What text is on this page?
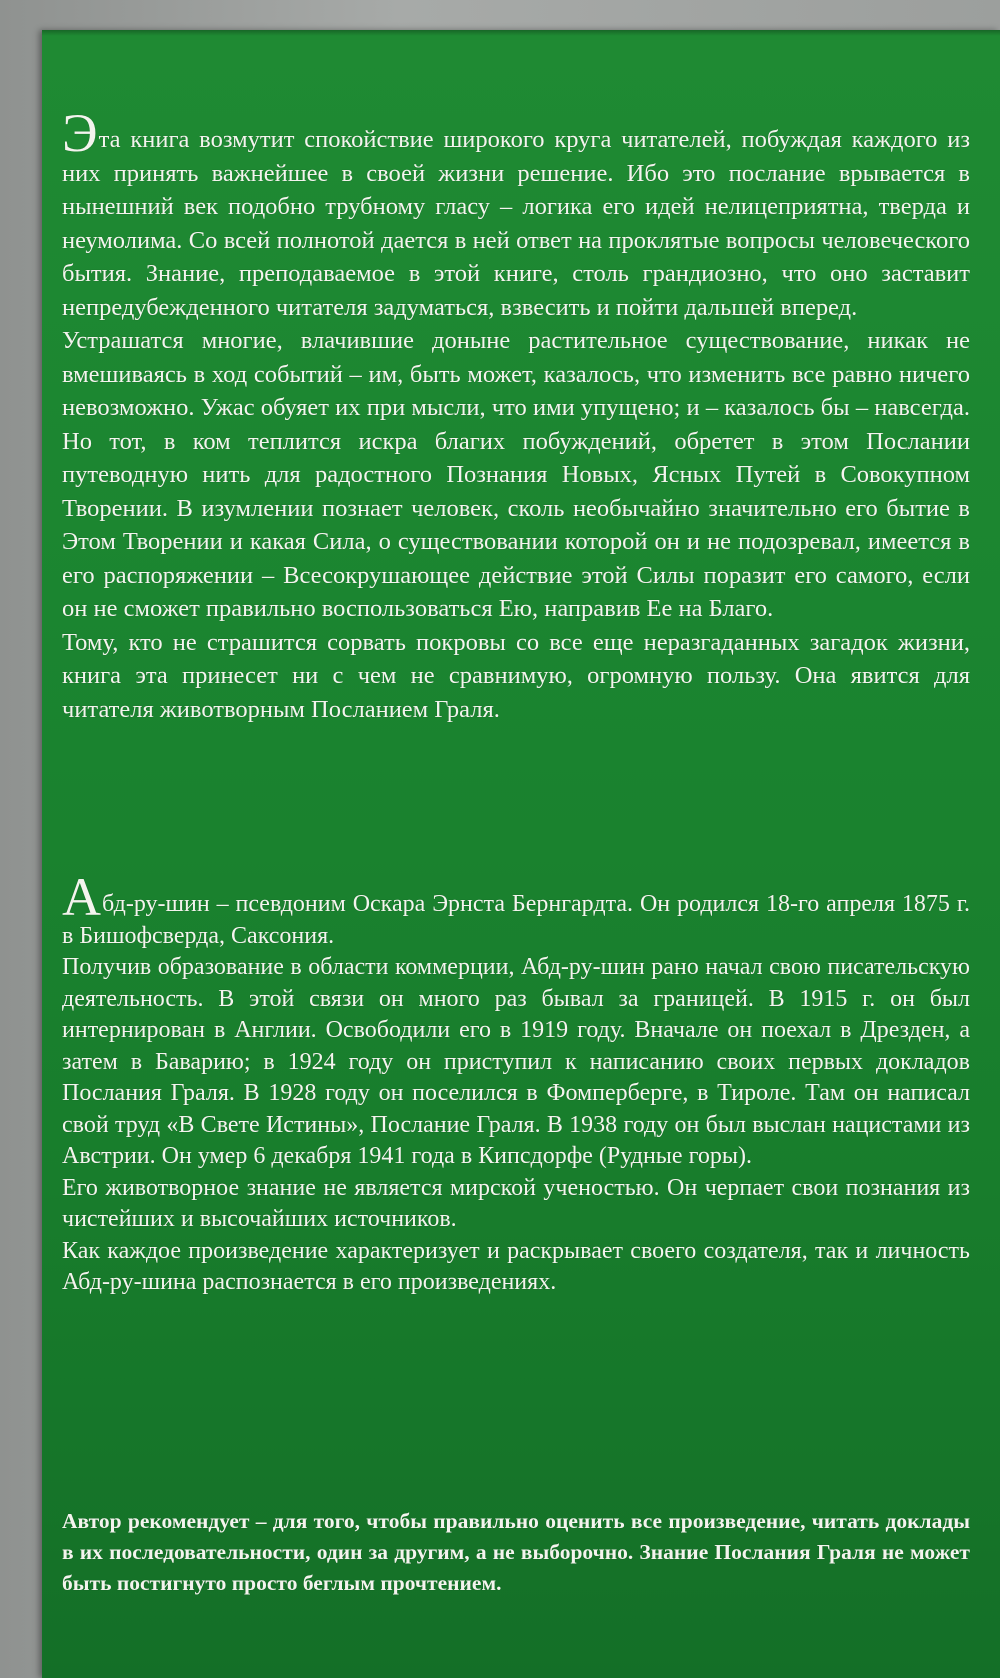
Эта книга возмутит спокойствие широкого круга читателей, побуждая каждого из них принять важнейшее в своей жизни решение. Ибо это послание врывается в нынешний век подобно трубному гласу – логика его идей нелицеприятна, тверда и неумолима. Со всей полнотой дается в ней ответ на проклятые вопросы человеческого бытия. Знание, преподаваемое в этой книге, столь грандиозно, что оно заставит непредубежденного читателя задуматься, взвесить и пойти дальшей вперед.

Устрашатся многие, влачившие доныне растительное существование, никак не вмешиваясь в ход событий – им, быть может, казалось, что изменить все равно ничего невозможно. Ужас обуяет их при мысли, что ими упущено; и – казалось бы – навсегда. Но тот, в ком теплится искра благих побуждений, обретет в этом Послании путеводную нить для радостного Познания Новых, Ясных Путей в Совокупном Творении. В изумлении познает человек, сколь необычайно значительно его бытие в Этом Творении и какая Сила, о существовании которой он и не подозревал, имеется в его распоряжении – Всесокрушающее действие этой Силы поразит его самого, если он не сможет правильно воспользоваться Ею, направив Ее на Благо.

Тому, кто не страшится сорвать покровы со все еще неразгаданных загадок жизни, книга эта принесет ни с чем не сравнимую, огромную пользу. Она явится для читателя животворным Посланием Граля.

Абд-ру-шин – псевдоним Оскара Эрнста Бернгардта. Он родился 18-го апреля 1875 г. в Бишофсверда, Саксония.

Получив образование в области коммерции, Абд-ру-шин рано начал свою писательскую деятельность. В этой связи он много раз бывал за границей. В 1915 г. он был интернирован в Англии. Освободили его в 1919 году. Вначале он поехал в Дрезден, а затем в Баварию; в 1924 году он приступил к написанию своих первых докладов Послания Граля. В 1928 году он поселился в Фомперберге, в Тироле. Там он написал свой труд «В Свете Истины», Послание Граля. В 1938 году он был выслан нацистами из Австрии. Он умер 6 декабря 1941 года в Кипсдорфе (Рудные горы).

Его животворное знание не является мирской ученостью. Он черпает свои познания из чистейших и высочайших источников.

Как каждое произведение характеризует и раскрывает своего создателя, так и личность Абд-ру-шина распознается в его произведениях.

Автор рекомендует – для того, чтобы правильно оценить все произведение, читать доклады в их последовательности, один за другим, а не выборочно. Знание Послания Граля не может быть постигнуто просто беглым прочтением.
